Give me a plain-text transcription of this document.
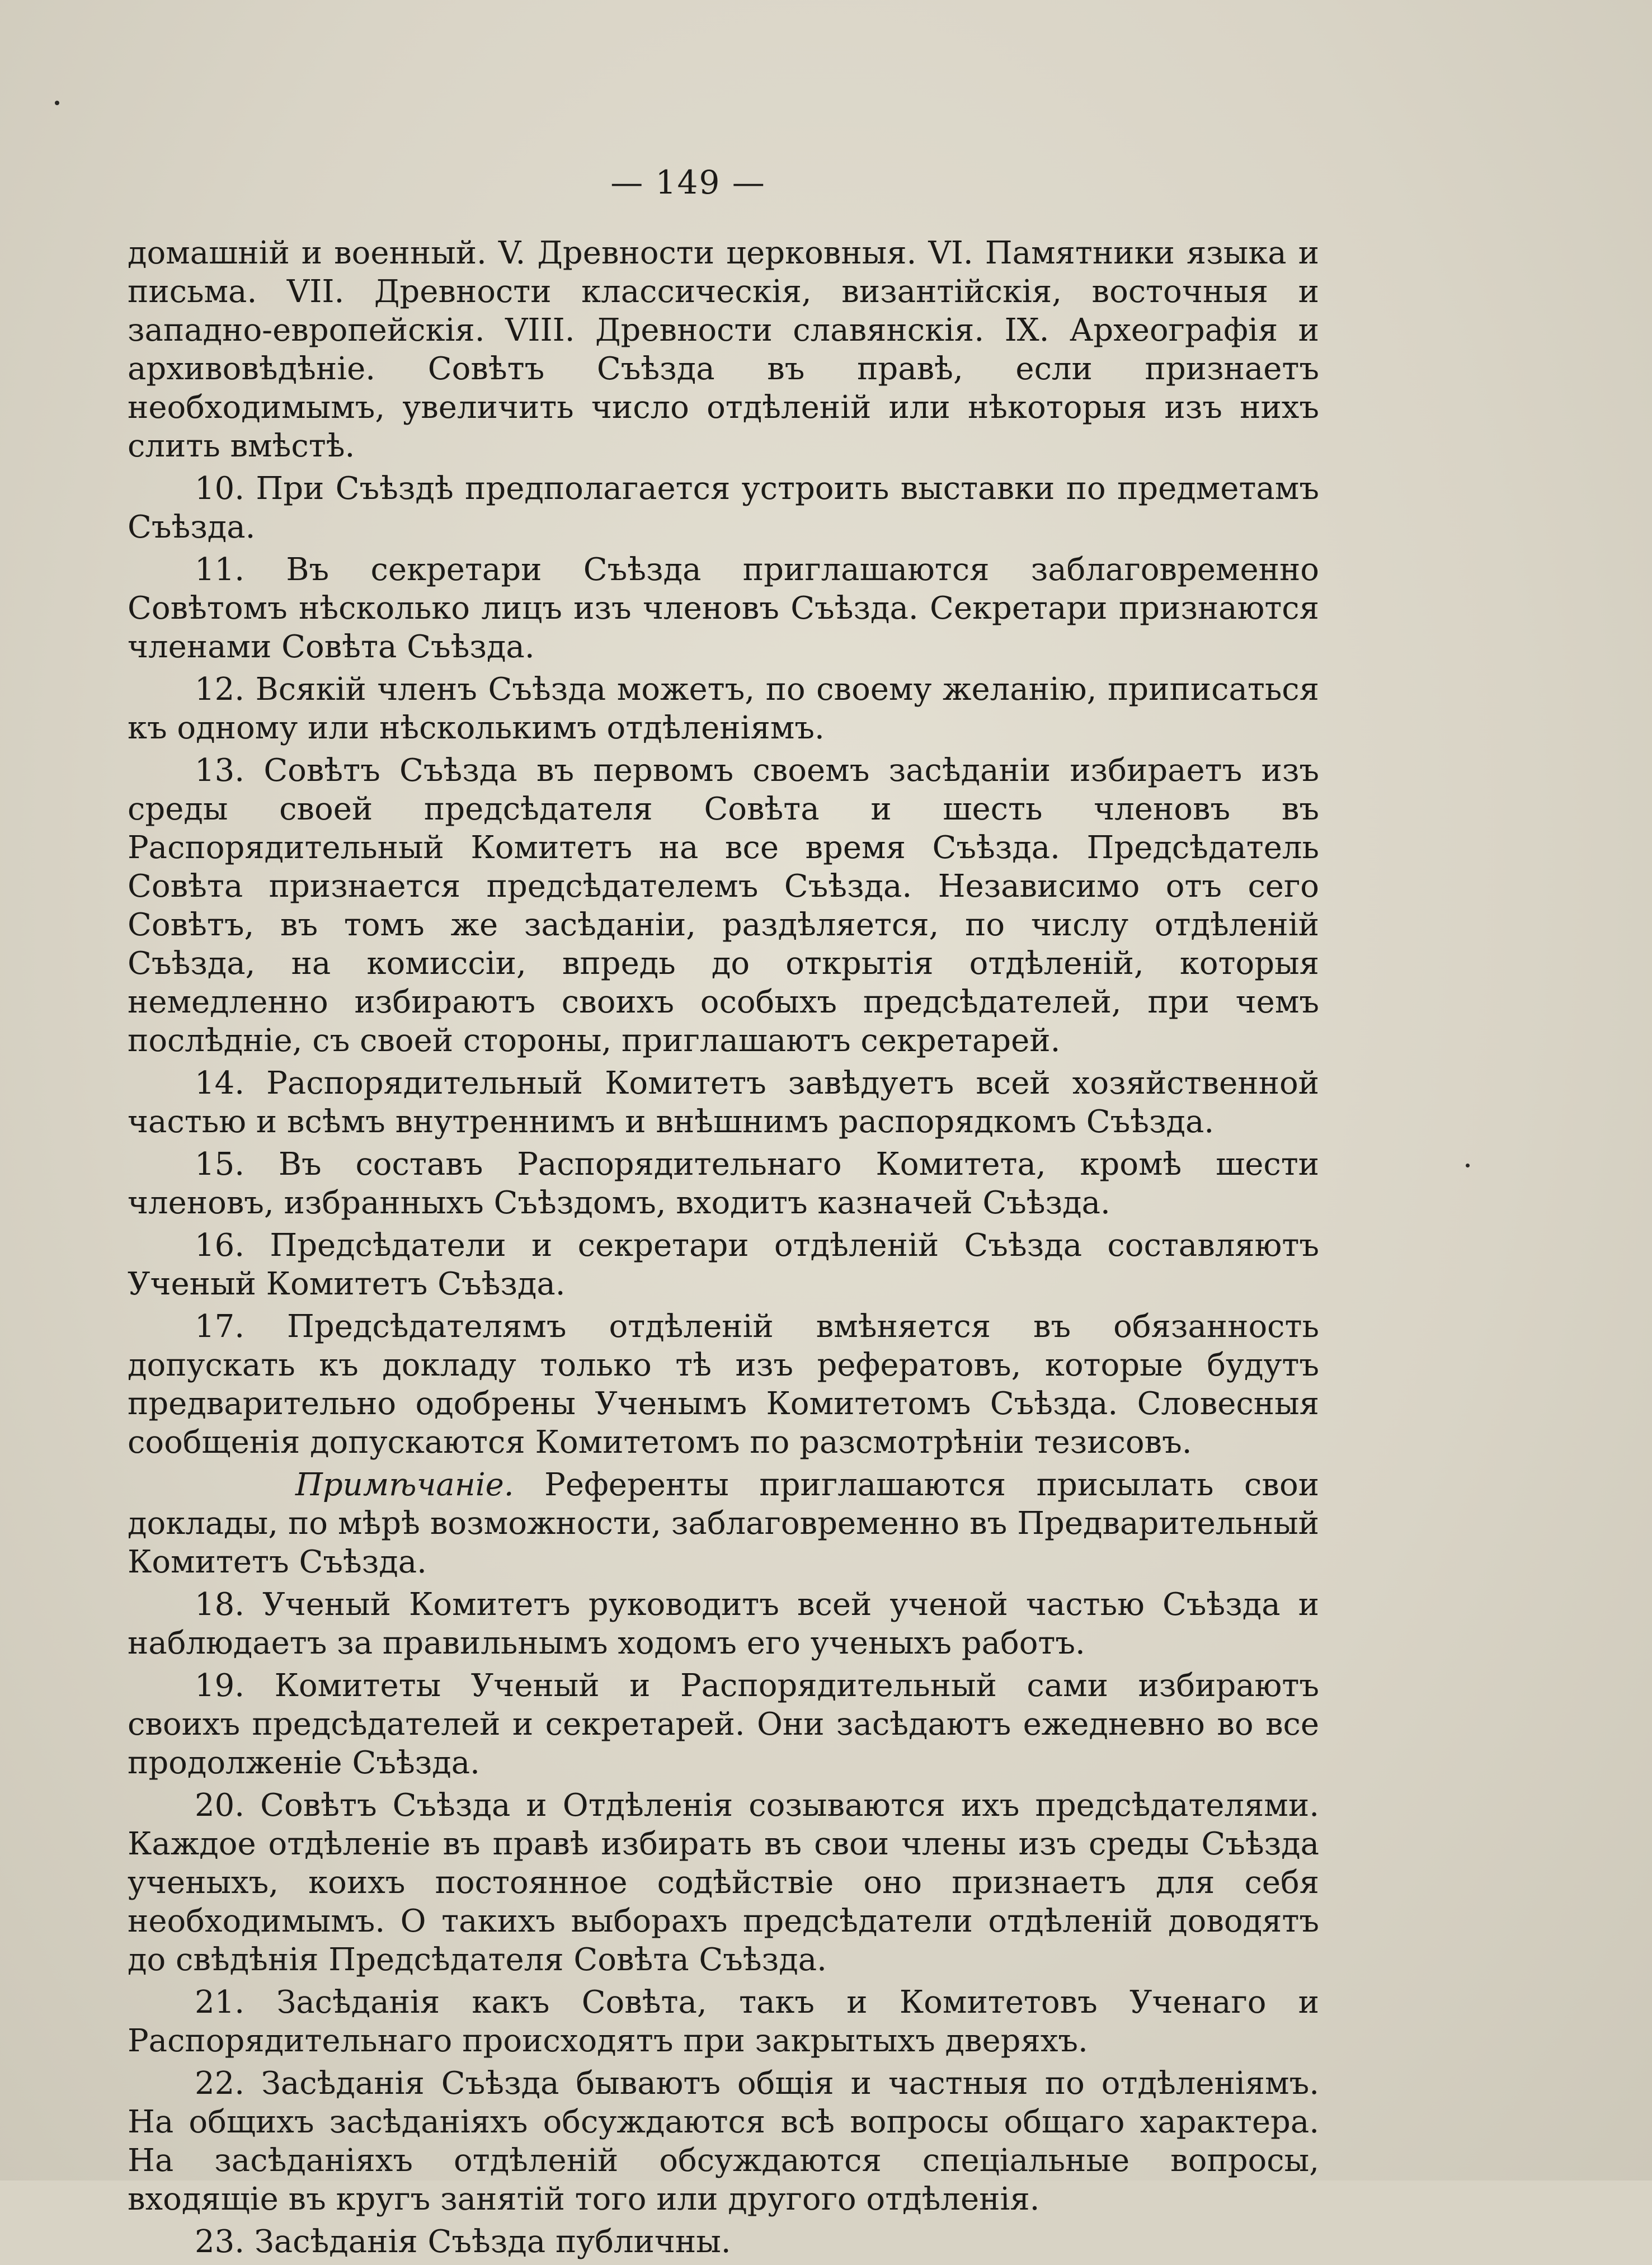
— 149 —

домашній и военный. V. Древности церковныя. VI. Памятники языка и письма. VII. Древности классическія, византійскія, восточныя и западно-европейскія. VIII. Древности славянскія. IX. Археографія и архивовѣдѣніе. Совѣтъ Съѣзда въ правѣ, если признаетъ необходимымъ, увеличить число отдѣленій или нѣкоторыя изъ нихъ слить вмѣстѣ.

10. При Съѣздѣ предполагается устроить выставки по предметамъ Съѣзда.

11. Въ секретари Съѣзда приглашаются заблаговременно Совѣтомъ нѣсколько лицъ изъ членовъ Съѣзда. Секретари признаются членами Совѣта Съѣзда.

12. Всякій членъ Съѣзда можетъ, по своему желанію, приписаться къ одному или нѣсколькимъ отдѣленіямъ.

13. Совѣтъ Съѣзда въ первомъ своемъ засѣданіи избираетъ изъ среды своей предсѣдателя Совѣта и шесть членовъ въ Распорядительный Комитетъ на все время Съѣзда. Предсѣдатель Совѣта признается предсѣдателемъ Съѣзда. Независимо отъ сего Совѣтъ, въ томъ же засѣданіи, раздѣляется, по числу отдѣленій Съѣзда, на комиссіи, впредь до открытія отдѣленій, которыя немедленно избираютъ своихъ особыхъ предсѣдателей, при чемъ послѣдніе, съ своей стороны, приглашаютъ секретарей.

14. Распорядительный Комитетъ завѣдуетъ всей хозяйственной частью и всѣмъ внутреннимъ и внѣшнимъ распорядкомъ Съѣзда.

15. Въ составъ Распорядительнаго Комитета, кромѣ шести членовъ, избранныхъ Съѣздомъ, входитъ казначей Съѣзда.

16. Предсѣдатели и секретари отдѣленій Съѣзда составляютъ Ученый Комитетъ Съѣзда.

17. Предсѣдателямъ отдѣленій вмѣняется въ обязанность допускать къ докладу только тѣ изъ рефератовъ, которые будутъ предварительно одобрены Ученымъ Комитетомъ Съѣзда. Словесныя сообщенія допускаются Комитетомъ по разсмотрѣніи тезисовъ.

Примѣчаніе. Референты приглашаются присылать свои доклады, по мѣрѣ возможности, заблаговременно въ Предварительный Комитетъ Съѣзда.

18. Ученый Комитетъ руководитъ всей ученой частью Съѣзда и наблюдаетъ за правильнымъ ходомъ его ученыхъ работъ.

19. Комитеты Ученый и Распорядительный сами избираютъ своихъ предсѣдателей и секретарей. Они засѣдаютъ ежедневно во все продолженіе Съѣзда.

20. Совѣтъ Съѣзда и Отдѣленія созываются ихъ предсѣдателями. Каждое отдѣленіе въ правѣ избирать въ свои члены изъ среды Съѣзда ученыхъ, коихъ постоянное содѣйствіе оно признаетъ для себя необходимымъ. О такихъ выборахъ предсѣдатели отдѣленій доводятъ до свѣдѣнія Предсѣдателя Совѣта Съѣзда.

21. Засѣданія какъ Совѣта, такъ и Комитетовъ Ученаго и Распорядительнаго происходятъ при закрытыхъ дверяхъ.

22. Засѣданія Съѣзда бываютъ общія и частныя по отдѣленіямъ. На общихъ засѣданіяхъ обсуждаются всѣ вопросы общаго характера. На засѣданіяхъ отдѣленій обсуждаются спеціальные вопросы, входящіе въ кругъ занятій того или другого отдѣленія.

23. Засѣданія Съѣзда публичны.
